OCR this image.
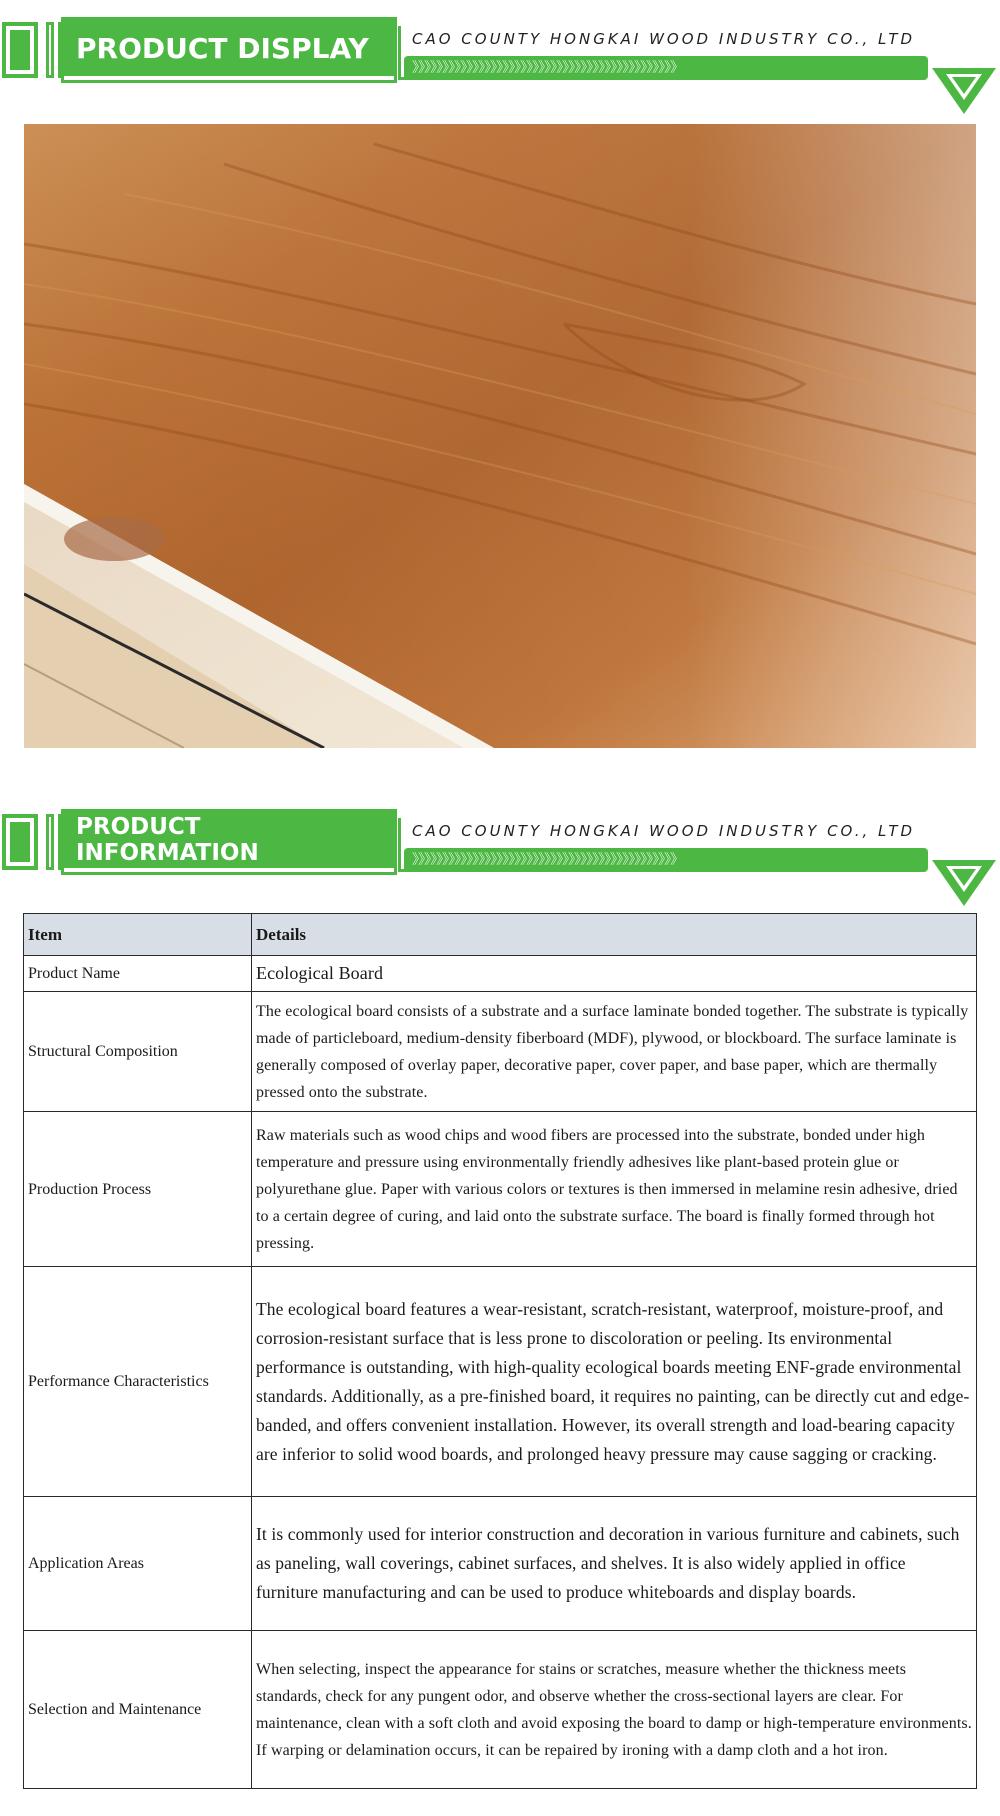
PRODUCT DISPLAY	CAO COUNTY HONGKAI WOOD INDUSTRY CO., LTD
》》》》》》》》》》》》》》》》》》》》》》》》》》》》》》》》》》》》》》》》》》》》
PRODUCT INFORMATION
CAO COUNTY HONGKAI WOOD INDUSTRY CO., LTD
》》》》》》》》》》》》》》》》》》》》》》》》》》》》》》》》》》》》》》》》》》》》
Item	Details
Product Name	Ecological Board
Structural Composition	The ecological board consists of a substrate and a surface laminate bonded together. The substrate is typically made of particleboard, medium-density fiberboard (MDF), plywood, or blockboard. The surface laminate is generally composed of overlay paper, decorative paper, cover paper, and base paper, which are thermally pressed onto the substrate.
Production Process	Raw materials such as wood chips and wood fibers are processed into the substrate, bonded under high temperature and pressure using environmentally friendly adhesives like plant-based protein glue or polyurethane glue. Paper with various colors or textures is then immersed in melamine resin adhesive, dried to a certain degree of curing, and laid onto the substrate surface. The board is finally formed through hot pressing.
Performance Characteristics	The ecological board features a wear-resistant, scratch-resistant, waterproof, moisture-proof, and corrosion-resistant surface that is less prone to discoloration or peeling. Its environmental performance is outstanding, with high-quality ecological boards meeting ENF-grade environmental standards. Additionally, as a pre-finished board, it requires no painting, can be directly cut and edge-banded, and offers convenient installation. However, its overall strength and load-bearing capacity are inferior to solid wood boards, and prolonged heavy pressure may cause sagging or cracking.
Application Areas	It is commonly used for interior construction and decoration in various furniture and cabinets, such as paneling, wall coverings, cabinet surfaces, and shelves. It is also widely applied in office furniture manufacturing and can be used to produce whiteboards and display boards.
Selection and Maintenance	When selecting, inspect the appearance for stains or scratches, measure whether the thickness meets standards, check for any pungent odor, and observe whether the cross-sectional layers are clear. For maintenance, clean with a soft cloth and avoid exposing the board to damp or high-temperature environments. If warping or delamination occurs, it can be repaired by ironing with a damp cloth and a hot iron.
